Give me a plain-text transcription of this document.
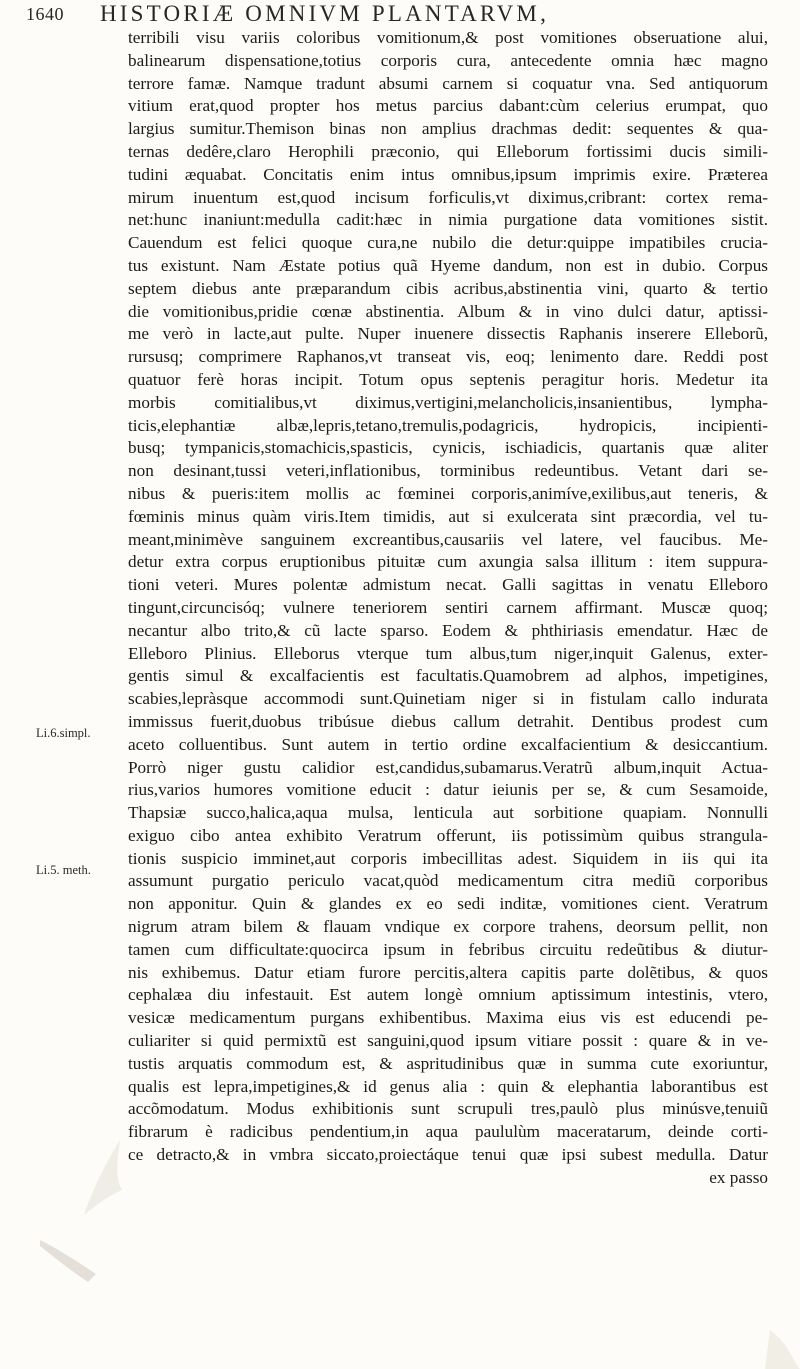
1640 HISTORIÆ OMNIVM PLANTARVM,
Li.6.simpl.
Li.5. meth.
terribili visu variis coloribus vomitionum,& post vomitiones obseruatione alui,
balinearum dispensatione,totius corporis cura, antecedente omnia hæc magno
terrore famæ. Namque tradunt absumi carnem si coquatur vna. Sed antiquorum
vitium erat,quod propter hos metus parcius dabant:cùm celerius erumpat, quo
largius sumitur.Themison binas non amplius drachmas dedit: sequentes & qua-
ternas dedêre,claro Herophili præconio, qui Elleborum fortissimi ducis simili-
tudini æquabat. Concitatis enim intus omnibus,ipsum imprimis exire. Præterea
mirum inuentum est,quod incisum forficulis,vt diximus,cribrant: cortex rema-
net:hunc inaniunt:medulla cadit:hæc in nimia purgatione data vomitiones sistit.
Cauendum est felici quoque cura,ne nubilo die detur:quippe impatibiles crucia-
tus existunt. Nam Æstate potius quã Hyeme dandum, non est in dubio. Corpus
septem diebus ante præparandum cibis acribus,abstinentia vini, quarto & tertio
die vomitionibus,pridie cœnæ abstinentia. Album & in vino dulci datur, aptissi-
me verò in lacte,aut pulte. Nuper inuenere dissectis Raphanis inserere Elleborũ,
rursusq; comprimere Raphanos,vt transeat vis, eoq; lenimento dare. Reddi post
quatuor ferè horas incipit. Totum opus septenis peragitur horis. Medetur ita
morbis comitialibus,vt diximus,vertigini,melancholicis,insanientibus, lympha-
ticis,elephantiæ albæ,lepris,tetano,tremulis,podagricis, hydropicis, incipienti-
busq; tympanicis,stomachicis,spasticis, cynicis, ischiadicis, quartanis quæ aliter
non desinant,tussi veteri,inflationibus, torminibus redeuntibus. Vetant dari se-
nibus & pueris:item mollis ac fœminei corporis,animíve,exilibus,aut teneris, &
fœminis minus quàm viris.Item timidis, aut si exulcerata sint præcordia, vel tu-
meant,minimève sanguinem excreantibus,causariis vel latere, vel faucibus. Me-
detur extra corpus eruptionibus pituitæ cum axungia salsa illitum : item suppura-
tioni veteri. Mures polentæ admistum necat. Galli sagittas in venatu Elleboro
tingunt,circuncisóq; vulnere teneriorem sentiri carnem affirmant. Muscæ quoq;
necantur albo trito,& cũ lacte sparso. Eodem & phthiriasis emendatur. Hæc de
Elleboro Plinius. Elleborus vterque tum albus,tum niger,inquit Galenus, exter-
gentis simul & excalfacientis est facultatis.Quamobrem ad alphos, impetigines,
scabies,lepràsque accommodi sunt.Quinetiam niger si in fistulam callo indurata
immissus fuerit,duobus tribúsue diebus callum detrahit. Dentibus prodest cum
aceto colluentibus. Sunt autem in tertio ordine excalfacientium & desiccantium.
Porrò niger gustu calidior est,candidus,subamarus.Veratrũ album,inquit Actua-
rius,varios humores vomitione educit : datur ieiunis per se, & cum Sesamoide,
Thapsiæ succo,halica,aqua mulsa, lenticula aut sorbitione quapiam. Nonnulli
exiguo cibo antea exhibito Veratrum offerunt, iis potissimùm quibus strangula-
tionis suspicio imminet,aut corporis imbecillitas adest. Siquidem in iis qui ita
assumunt purgatio periculo vacat,quòd medicamentum citra mediũ corporibus
non apponitur. Quin & glandes ex eo sedi inditæ, vomitiones cient. Veratrum
nigrum atram bilem & flauam vndique ex corpore trahens, deorsum pellit, non
tamen cum difficultate:quocirca ipsum in febribus circuitu redeũtibus & diutur-
nis exhibemus. Datur etiam furore percitis,altera capitis parte dolẽtibus, & quos
cephalæa diu infestauit. Est autem longè omnium aptissimum intestinis, vtero,
vesicæ medicamentum purgans exhibentibus. Maxima eius vis est educendi pe-
culiariter si quid permixtũ est sanguini,quod ipsum vitiare possit : quare & in ve-
tustis arquatis commodum est, & aspritudinibus quæ in summa cute exoriuntur,
qualis est lepra,impetigines,& id genus alia : quin & elephantia laborantibus est
accõmodatum. Modus exhibitionis sunt scrupuli tres,paulò plus minúsve,tenuiũ
fibrarum è radicibus pendentium,in aqua paululùm maceratarum, deinde corti-
ce detracto,& in vmbra siccato,proiectáque tenui quæ ipsi subest medulla. Datur
ex passo
